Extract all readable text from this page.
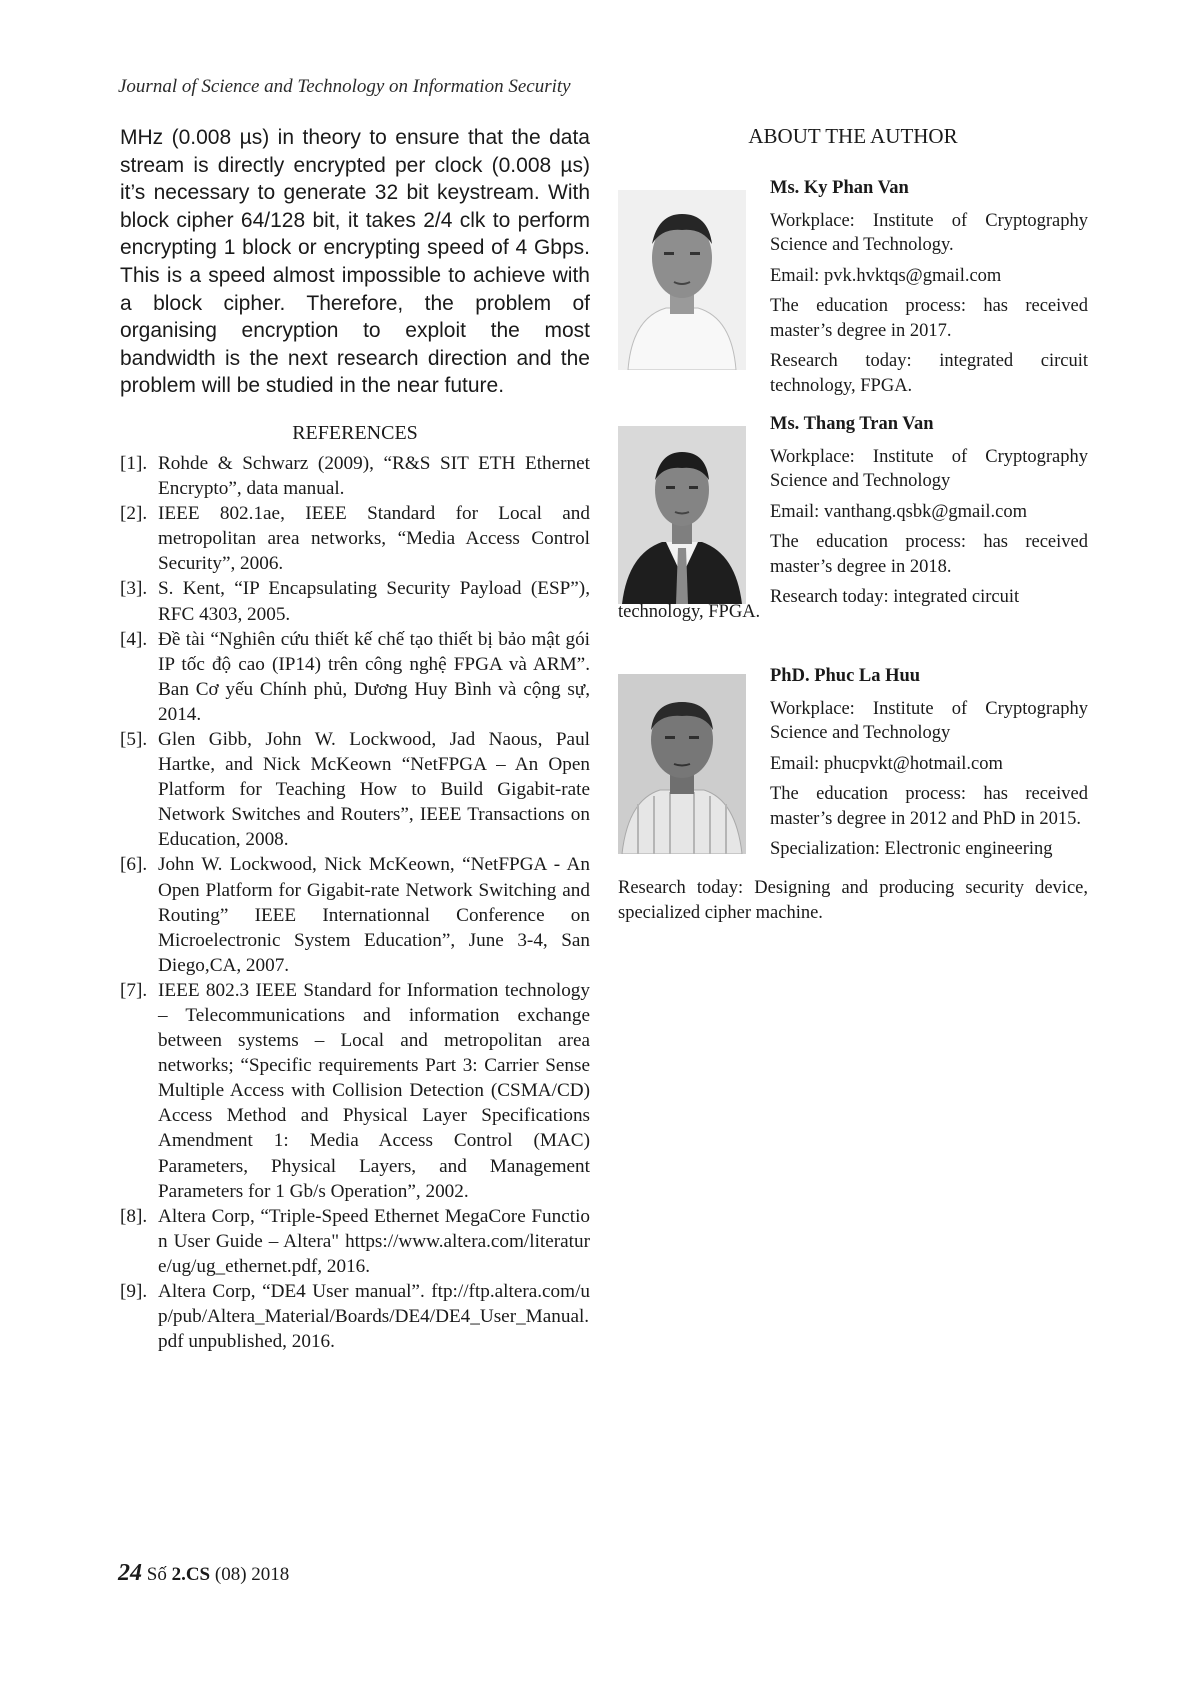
Journal of Science and Technology on Information Security

MHz (0.008 µs) in theory to ensure that the data stream is directly encrypted per clock (0.008 µs) it’s necessary to generate 32 bit keystream. With block cipher 64/128 bit, it takes 2/4 clk to perform encrypting 1 block or encrypting speed of 4 Gbps. This is a speed almost impossible to achieve with a block cipher. Therefore, the problem of organising encryption to exploit the most bandwidth is the next research direction and the problem will be studied in the near future.

REFERENCES
[1]. Rohde & Schwarz (2009), “R&S SIT ETH Ethernet Encrypto”, data manual.
[2]. IEEE 802.1ae, IEEE Standard for Local and metropolitan area networks, “Media Access Control Security”, 2006.
[3]. S. Kent, “IP Encapsulating Security Payload (ESP”), RFC 4303, 2005.
[4]. Đề tài “Nghiên cứu thiết kế chế tạo thiết bị bảo mật gói IP tốc độ cao (IP14) trên công nghệ FPGA và ARM”. Ban Cơ yếu Chính phủ, Dương Huy Bình và cộng sự, 2014.
[5]. Glen Gibb, John W. Lockwood, Jad Naous, Paul Hartke, and Nick McKeown “NetFPGA – An Open Platform for Teaching How to Build Gigabit-rate Network Switches and Routers”, IEEE Transactions on Education, 2008.
[6]. John W. Lockwood, Nick McKeown, “NetFPGA - An Open Platform for Gigabit-rate Network Switching and Routing” IEEE Internationnal Conference on Microelectronic System Education”, June 3-4, San Diego,CA, 2007.
[7]. IEEE 802.3 IEEE Standard for Information technology – Telecommunications and information exchange between systems – Local and metropolitan area networks; “Specific requirements Part 3: Carrier Sense Multiple Access with Collision Detection (CSMA/CD) Access Method and Physical Layer Specifications Amendment 1: Media Access Control (MAC) Parameters, Physical Layers, and Management Parameters for 1 Gb/s Operation”, 2002.
[8]. Altera Corp, “Triple-Speed Ethernet MegaCore Function User Guide – Altera" https://www.altera.com/literature/ug/ug_ethernet.pdf, 2016.
[9]. Altera Corp, “DE4 User manual”. ftp://ftp.altera.com/up/pub/Altera_Material/Boards/DE4/DE4_User_Manual.pdf unpublished, 2016.
ABOUT THE AUTHOR

Ms. Ky Phan Van

Workplace: Institute of Cryptography Science and Technology.

Email: pvk.hvktqs@gmail.com

The education process: has received master’s degree in 2017.

Research today: integrated circuit technology, FPGA.

Ms. Thang Tran Van

Workplace: Institute of Cryptography Science and Technology

Email: vanthang.qsbk@gmail.com

The education process: has received master’s degree in 2018.

Research today: integrated circuit

technology, FPGA.

PhD. Phuc La Huu

Workplace: Institute of Cryptography Science and Technology

Email: phucpvkt@hotmail.com

The education process: has received master’s degree in 2012 and PhD in 2015.

Specialization: Electronic engineering

Research today: Designing and producing security device, specialized cipher machine.

24 Số 2.CS (08) 2018
